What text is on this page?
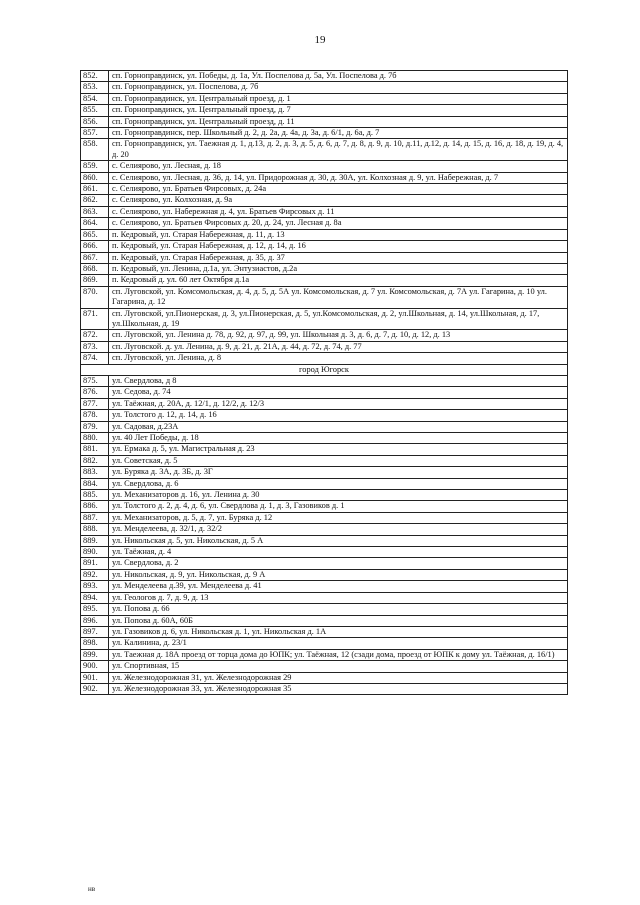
19
852.	сп. Горноправдинск, ул. Победы, д. 1а, Ул. Поспелова д. 5а, Ул. Поспелова д. 7б
853.	сп. Горноправдинск, ул. Поспелова, д. 7б
854.	сп. Горноправдинск, ул. Центральный проезд, д. 1
855.	сп. Горноправдинск, ул. Центральный проезд, д. 7
856.	сп. Горноправдинск, ул. Центральный проезд, д. 11
857.	сп. Горноправдинск, пер. Школьный д. 2, д. 2а, д. 4а, д. 3а, д. 6/1, д. 6а, д. 7
858.	сп. Горноправдинск, ул. Таежная д. 1, д.13, д. 2, д. 3, д. 5, д. 6, д. 7, д. 8, д. 9, д. 10, д.11, д.12, д. 14, д. 15, д. 16, д. 18, д. 19, д. 4, д. 20
859.	с. Селиярово, ул. Лесная, д. 18
860.	с. Селиярово, ул. Лесная, д. 36, д. 14, ул. Придорожная д. 30, д. 30А, ул. Колхозная д. 9, ул. Набережная, д. 7
861.	с. Селиярово, ул. Братьев Фирсовых, д. 24а
862.	с. Селиярово, ул. Колхозная, д. 9а
863.	с. Селиярово, ул. Набережная д. 4, ул. Братьев Фирсовых д. 11
864.	с. Селиярово, ул. Братьев Фирсовых д. 20, д. 24, ул. Лесная д. 8а
865.	п. Кедровый, ул. Старая Набережная, д. 11, д. 13
866.	п. Кедровый, ул. Старая Набережная, д. 12, д. 14, д. 16
867.	п. Кедровый, ул. Старая Набережная, д. 35, д. 37
868.	п. Кедровый, ул. Ленина, д.1а, ул. Энтузиастов, д.2а
869.	п. Кедровый д. ул. 60 лет Октября д.1а
870.	сп. Луговской, ул. Комсомольская, д. 4, д. 5, д. 5А ул. Комсомольская, д. 7 ул. Комсомольская, д. 7А ул. Гагарина, д. 10 ул. Гагарина, д. 12
871.	сп. Луговской, ул.Пионерская, д. 3, ул.Пионерская, д. 5, ул.Комсомольская, д. 2, ул.Школьная, д. 14, ул.Школьная, д. 17, ул.Школьная, д. 19
872.	сп. Луговской, ул. Ленина д. 78, д. 92, д. 97, д. 99, ул. Школьная д. 3, д. 6, д. 7, д. 10, д. 12, д. 13
873.	сп. Луговской. д. ул. Ленина, д. 9, д. 21, д. 21А, д. 44, д. 72, д. 74, д. 77
874.	сп. Луговской, ул. Ленина, д. 8
город Югорск	
875.	ул. Свердлова, д 8
876.	ул. Седова, д. 74
877.	ул. Таёжная, д. 20А, д. 12/1, д. 12/2, д. 12/3
878.	ул. Толстого д. 12, д. 14, д. 16
879.	ул. Садовая, д.23А
880.	ул. 40 Лет Победы, д. 18
881.	ул. Ермака д. 5, ул. Магистральная д. 23
882.	ул. Советская, д. 5
883.	ул. Буряка д. 3А, д. 3Б, д. 3Г
884.	ул. Свердлова, д. 6
885.	ул. Механизаторов д. 16, ул. Ленина д. 30
886.	ул. Толстого д. 2, д. 4, д. 6, ул. Свердлова д. 1, д. 3, Газовиков д. 1
887.	ул. Механизаторов, д. 5, д. 7, ул. Буряка д. 12
888.	ул. Менделеева, д. 32/1, д. 32/2
889.	ул. Никольская д. 5, ул. Никольская, д. 5 А
890.	ул. Таёжная, д. 4
891.	ул. Свердлова, д. 2
892.	ул. Никольская, д. 9, ул. Никольская, д. 9 А
893.	ул. Менделеева д.39, ул. Менделеева д. 41
894.	ул. Геологов д. 7, д. 9, д. 13
895.	ул. Попова д. 66
896.	ул. Попова д. 60А, 60Б
897.	ул. Газовиков д. 6, ул. Никольская д. 1, ул. Никольская д. 1А
898.	ул. Калинина, д. 23/1
899.	ул. Таежная д. 18А проезд от торца дома до ЮПК; ул. Таёжная, 12 (сзади дома, проезд от ЮПК к дому ул. Таёжная, д. 16/1)
900.	ул. Спортивная, 15
901.	ул. Железнодорожная 31, ул. Железнодорожная 29
902.	ул. Железнодорожная 33, ул. Железнодорожная 35
нв
